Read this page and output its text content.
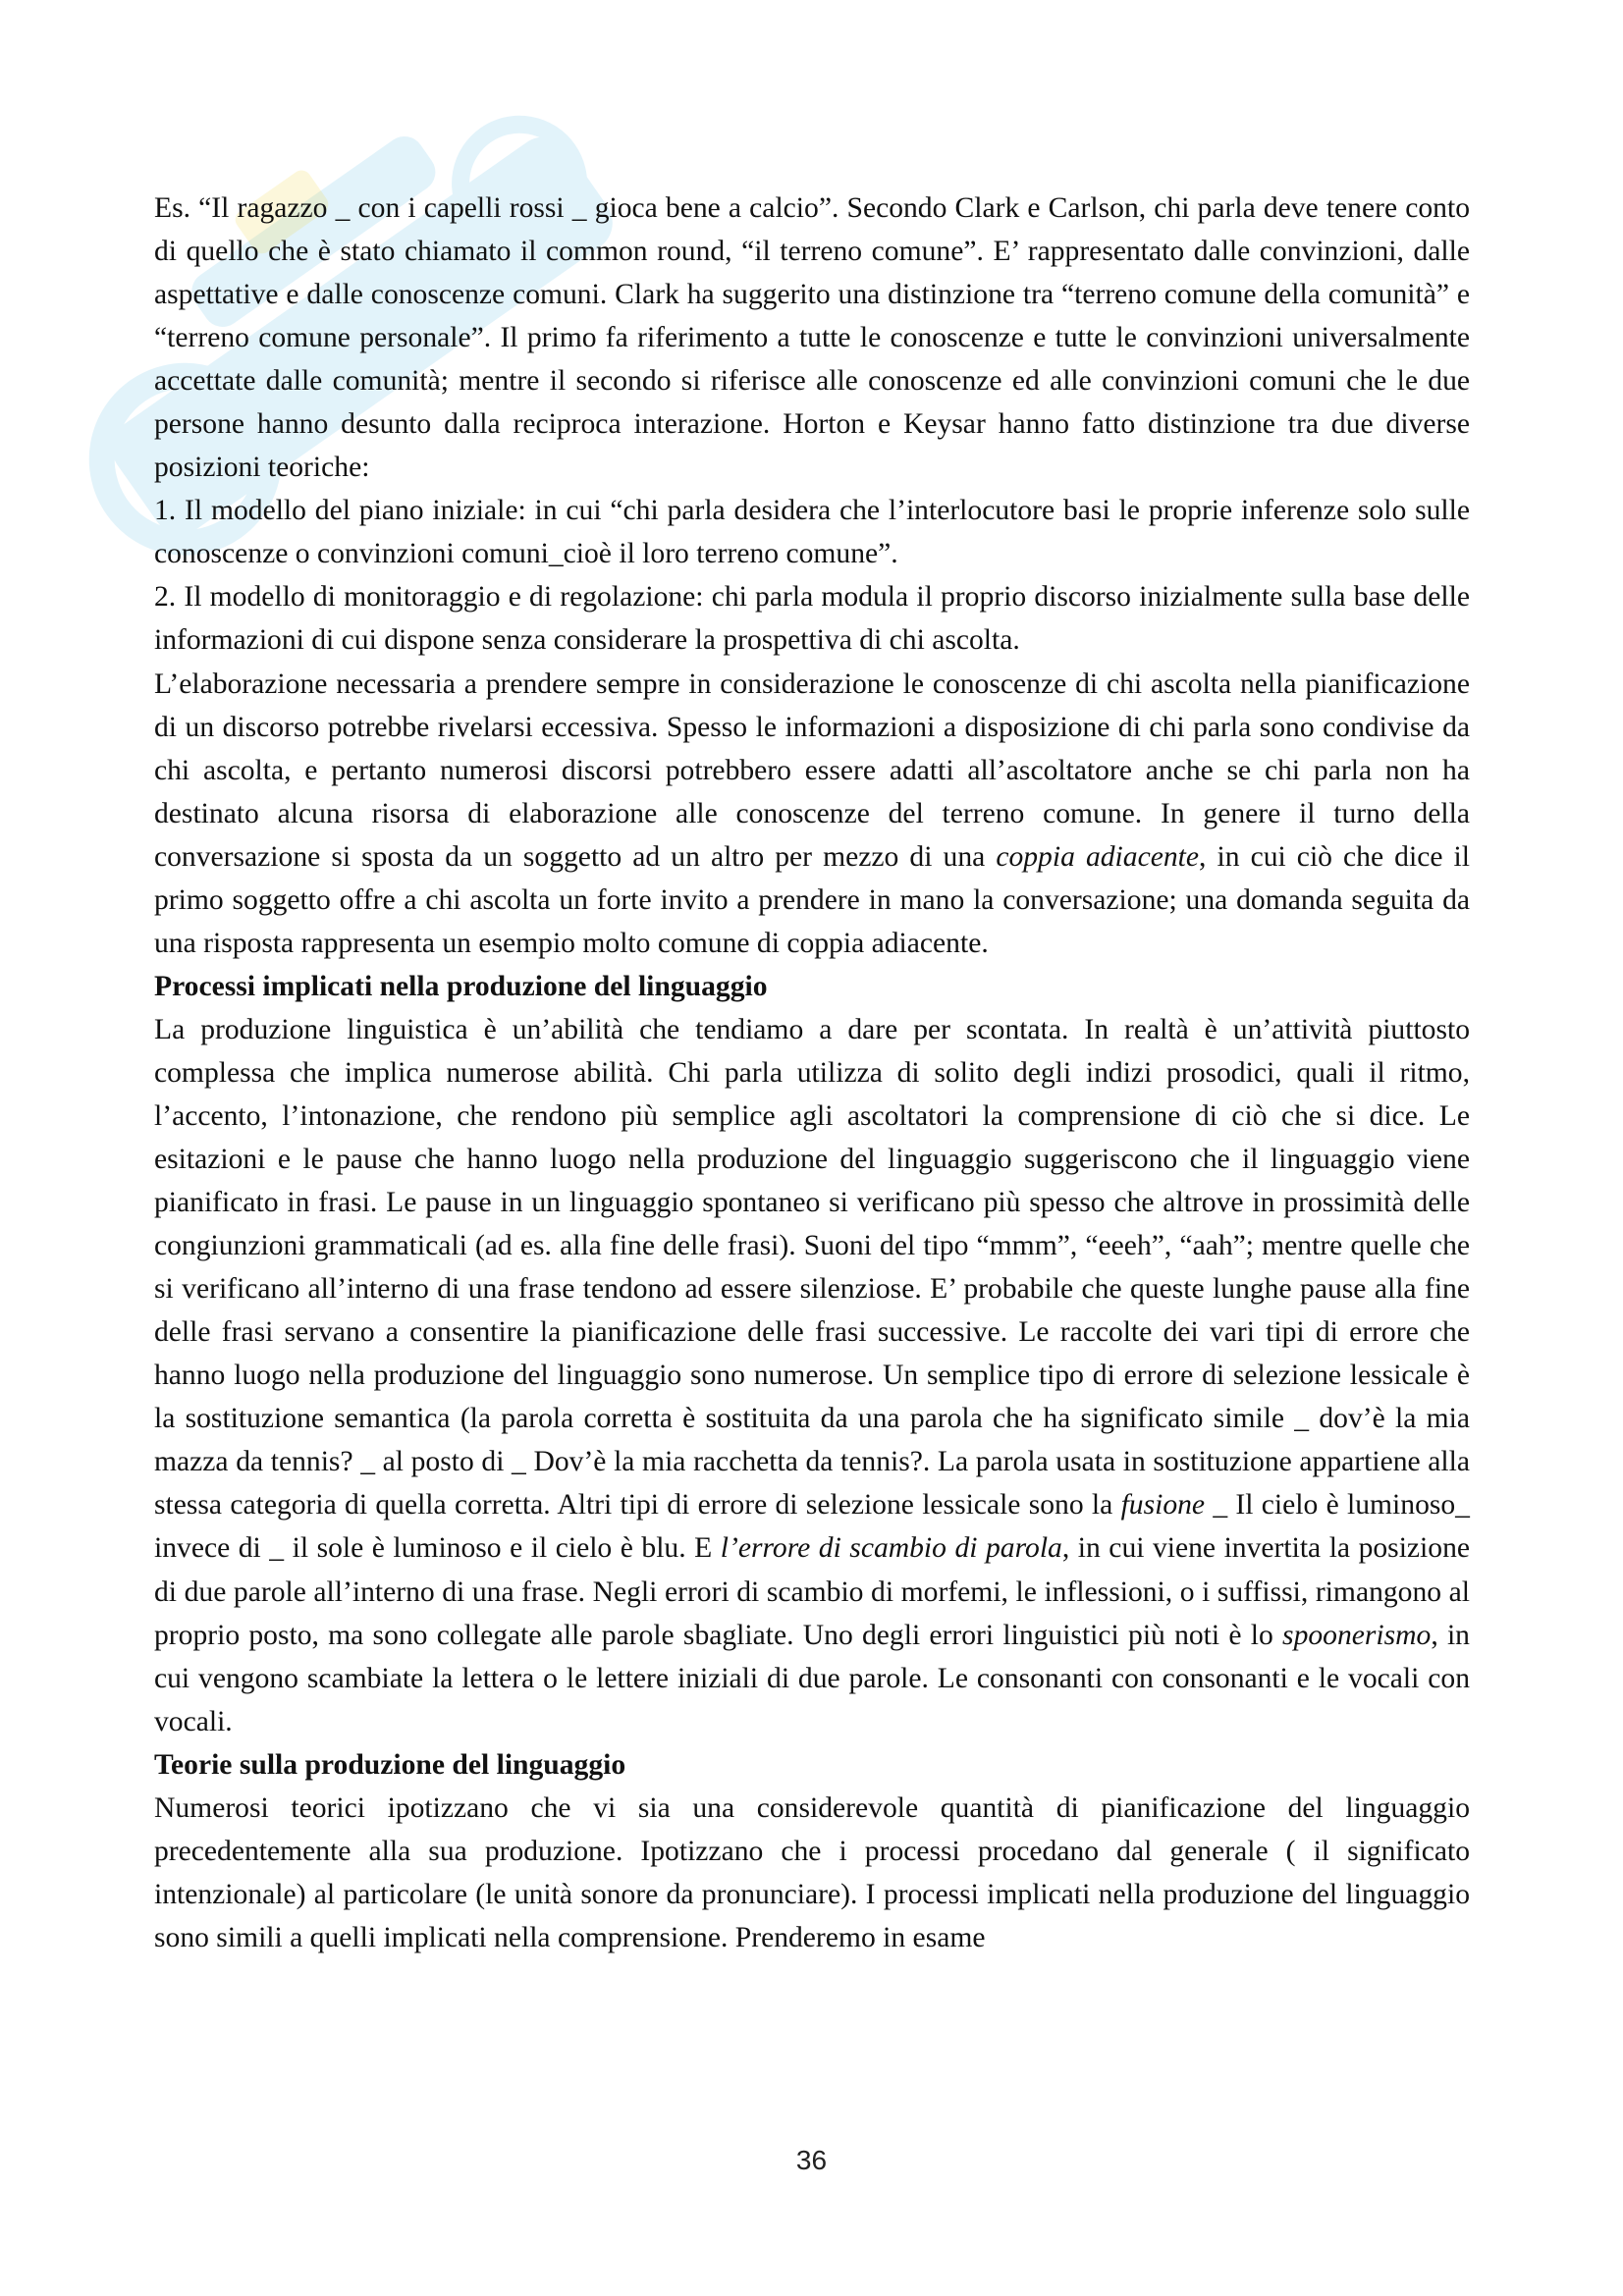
Es. “Il ragazzo _ con i capelli rossi _ gioca bene a calcio”. Secondo Clark e Carlson, chi parla deve tenere conto di quello che è stato chiamato il common round, “il terreno comune”. E’ rappresentato dalle convinzioni, dalle aspettative e dalle conoscenze comuni. Clark ha suggerito una distinzione tra “terreno comune della comunità” e “terreno comune personale”. Il primo fa riferimento a tutte le conoscenze e tutte le convinzioni universalmente accettate dalle comunità; mentre il secondo si riferisce alle conoscenze ed alle convinzioni comuni che le due persone hanno desunto dalla reciproca interazione. Horton e Keysar hanno fatto distinzione tra due diverse posizioni teoriche:

1. Il modello del piano iniziale: in cui “chi parla desidera che l’interlocutore basi le proprie inferenze solo sulle conoscenze o convinzioni comuni_cioè il loro terreno comune”.

2. Il modello di monitoraggio e di regolazione: chi parla modula il proprio discorso inizialmente sulla base delle informazioni di cui dispone senza considerare la prospettiva di chi ascolta.

L’elaborazione necessaria a prendere sempre in considerazione le conoscenze di chi ascolta nella pianificazione di un discorso potrebbe rivelarsi eccessiva. Spesso le informazioni a disposizione di chi parla sono condivise da chi ascolta, e pertanto numerosi discorsi potrebbero essere adatti all’ascoltatore anche se chi parla non ha destinato alcuna risorsa di elaborazione alle conoscenze del terreno comune. In genere il turno della conversazione si sposta da un soggetto ad un altro per mezzo di una coppia adiacente, in cui ciò che dice il primo soggetto offre a chi ascolta un forte invito a prendere in mano la conversazione; una domanda seguita da una risposta rappresenta un esempio molto comune di coppia adiacente.

Processi implicati nella produzione del linguaggio

La produzione linguistica è un’abilità che tendiamo a dare per scontata. In realtà è un’attività piuttosto complessa che implica numerose abilità. Chi parla utilizza di solito degli indizi prosodici, quali il ritmo, l’accento, l’intonazione, che rendono più semplice agli ascoltatori la comprensione di ciò che si dice. Le esitazioni e le pause che hanno luogo nella produzione del linguaggio suggeriscono che il linguaggio viene pianificato in frasi. Le pause in un linguaggio spontaneo si verificano più spesso che altrove in prossimità delle congiunzioni grammaticali (ad es. alla fine delle frasi). Suoni del tipo “mmm”, “eeeh”, “aah”; mentre quelle che si verificano all’interno di una frase tendono ad essere silenziose. E’ probabile che queste lunghe pause alla fine delle frasi servano a consentire la pianificazione delle frasi successive. Le raccolte dei vari tipi di errore che hanno luogo nella produzione del linguaggio sono numerose. Un semplice tipo di errore di selezione lessicale è la sostituzione semantica (la parola corretta è sostituita da una parola che ha significato simile _ dov’è la mia mazza da tennis? _ al posto di _ Dov’è la mia racchetta da tennis?. La parola usata in sostituzione appartiene alla stessa categoria di quella corretta. Altri tipi di errore di selezione lessicale sono la fusione _ Il cielo è luminoso_ invece di _ il sole è luminoso e il cielo è blu. E l’errore di scambio di parola, in cui viene invertita la posizione di due parole all’interno di una frase. Negli errori di scambio di morfemi, le inflessioni, o i suffissi, rimangono al proprio posto, ma sono collegate alle parole sbagliate. Uno degli errori linguistici più noti è lo spoonerismo, in cui vengono scambiate la lettera o le lettere iniziali di due parole. Le consonanti con consonanti e le vocali con vocali.

Teorie sulla produzione del linguaggio

Numerosi teorici ipotizzano che vi sia una considerevole quantità di pianificazione del linguaggio precedentemente alla sua produzione. Ipotizzano che i processi procedano dal generale ( il significato intenzionale) al particolare (le unità sonore da pronunciare). I processi implicati nella produzione del linguaggio sono simili a quelli implicati nella comprensione. Prenderemo in esame

36
